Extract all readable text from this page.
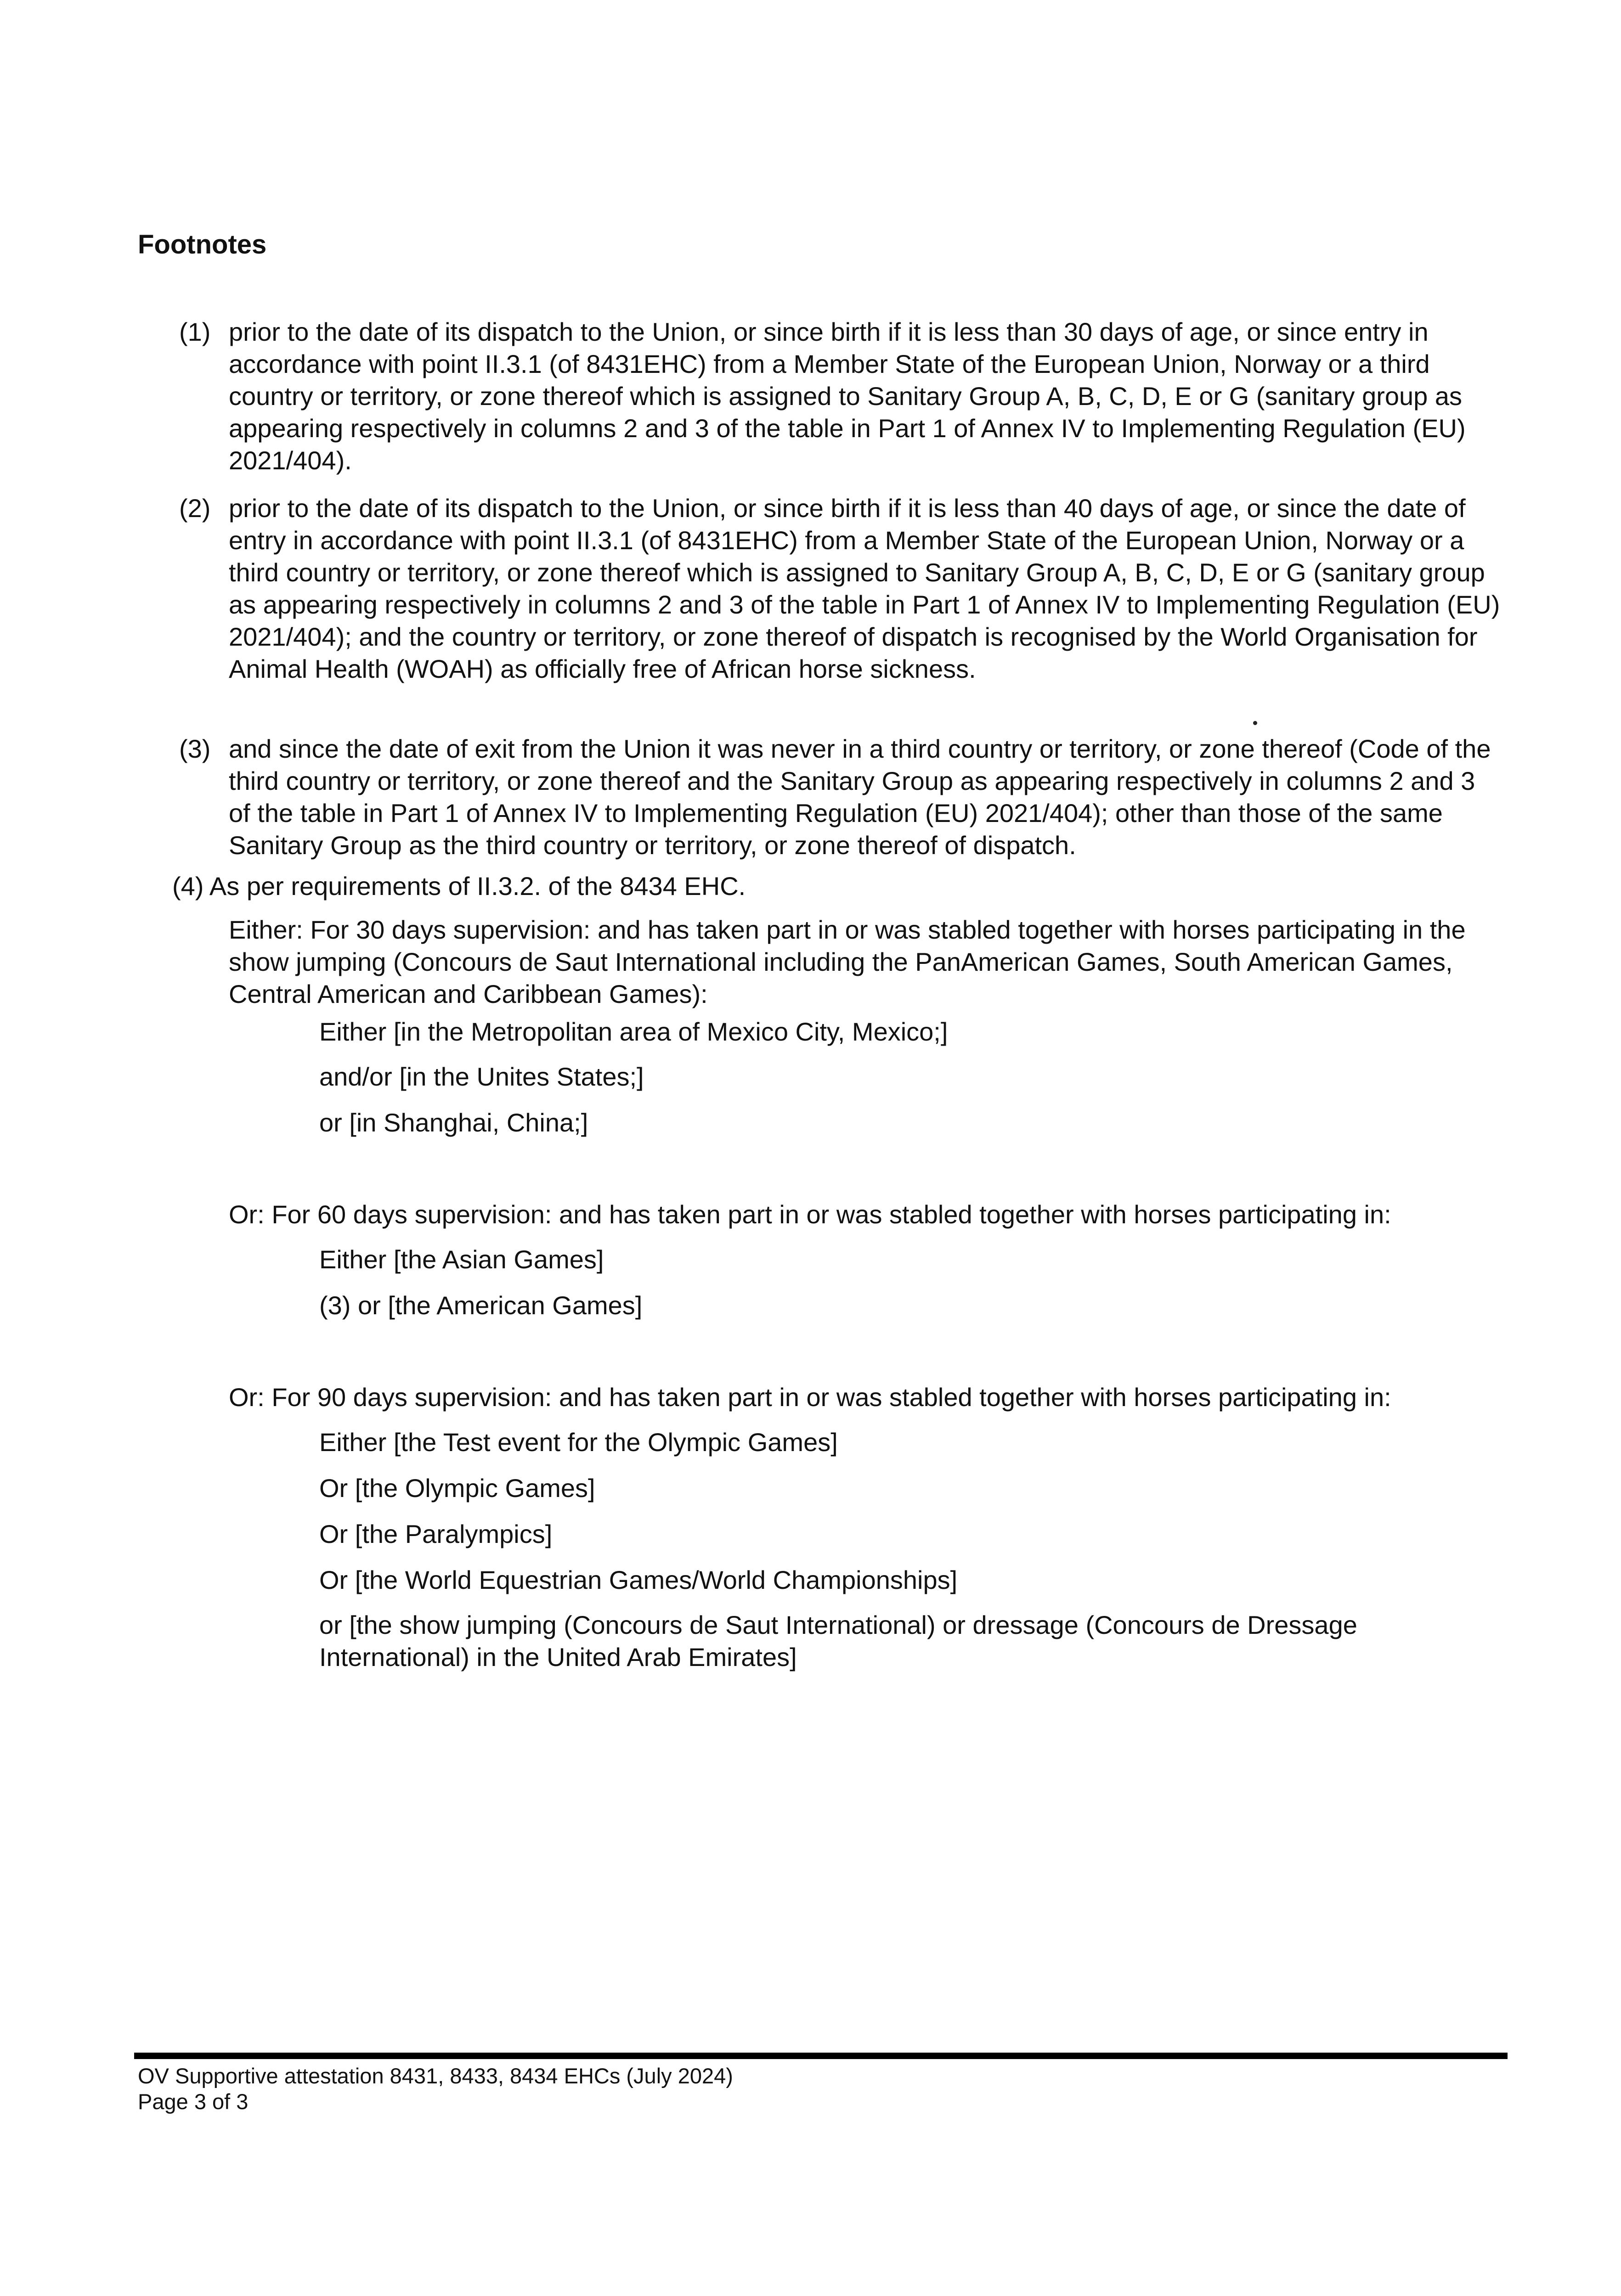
Footnotes
(1) prior to the date of its dispatch to the Union, or since birth if it is less than 30 days of age, or since entry in accordance with point II.3.1 (of 8431EHC) from a Member State of the European Union, Norway or a third country or territory, or zone thereof which is assigned to Sanitary Group A, B, C, D, E or G (sanitary group as appearing respectively in columns 2 and 3 of the table in Part 1 of Annex IV to Implementing Regulation (EU) 2021/404).
(2) prior to the date of its dispatch to the Union, or since birth if it is less than 40 days of age, or since the date of entry in accordance with point II.3.1 (of 8431EHC) from a Member State of the European Union, Norway or a third country or territory, or zone thereof which is assigned to Sanitary Group A, B, C, D, E or G (sanitary group as appearing respectively in columns 2 and 3 of the table in Part 1 of Annex IV to Implementing Regulation (EU) 2021/404); and the country or territory, or zone thereof of dispatch is recognised by the World Organisation for Animal Health (WOAH) as officially free of African horse sickness.
(3) and since the date of exit from the Union it was never in a third country or territory, or zone thereof (Code of the third country or territory, or zone thereof and the Sanitary Group as appearing respectively in columns 2 and 3 of the table in Part 1 of Annex IV to Implementing Regulation (EU) 2021/404); other than those of the same Sanitary Group as the third country or territory, or zone thereof of dispatch.

(4) As per requirements of II.3.2. of the 8434 EHC.

Either: For 30 days supervision: and has taken part in or was stabled together with horses participating in the show jumping (Concours de Saut International including the PanAmerican Games, South American Games, Central American and Caribbean Games):

Either [in the Metropolitan area of Mexico City, Mexico;]

and/or [in the Unites States;]

or [in Shanghai, China;]

Or: For 60 days supervision: and has taken part in or was stabled together with horses participating in:

Either [the Asian Games]

(3) or [the American Games]

Or: For 90 days supervision: and has taken part in or was stabled together with horses participating in:

Either [the Test event for the Olympic Games]

Or [the Olympic Games]

Or [the Paralympics]

Or [the World Equestrian Games/World Championships]

or [the show jumping (Concours de Saut International) or dressage (Concours de Dressage International) in the United Arab Emirates]

OV Supportive attestation 8431, 8433, 8434 EHCs (July 2024)

Page 3 of 3
